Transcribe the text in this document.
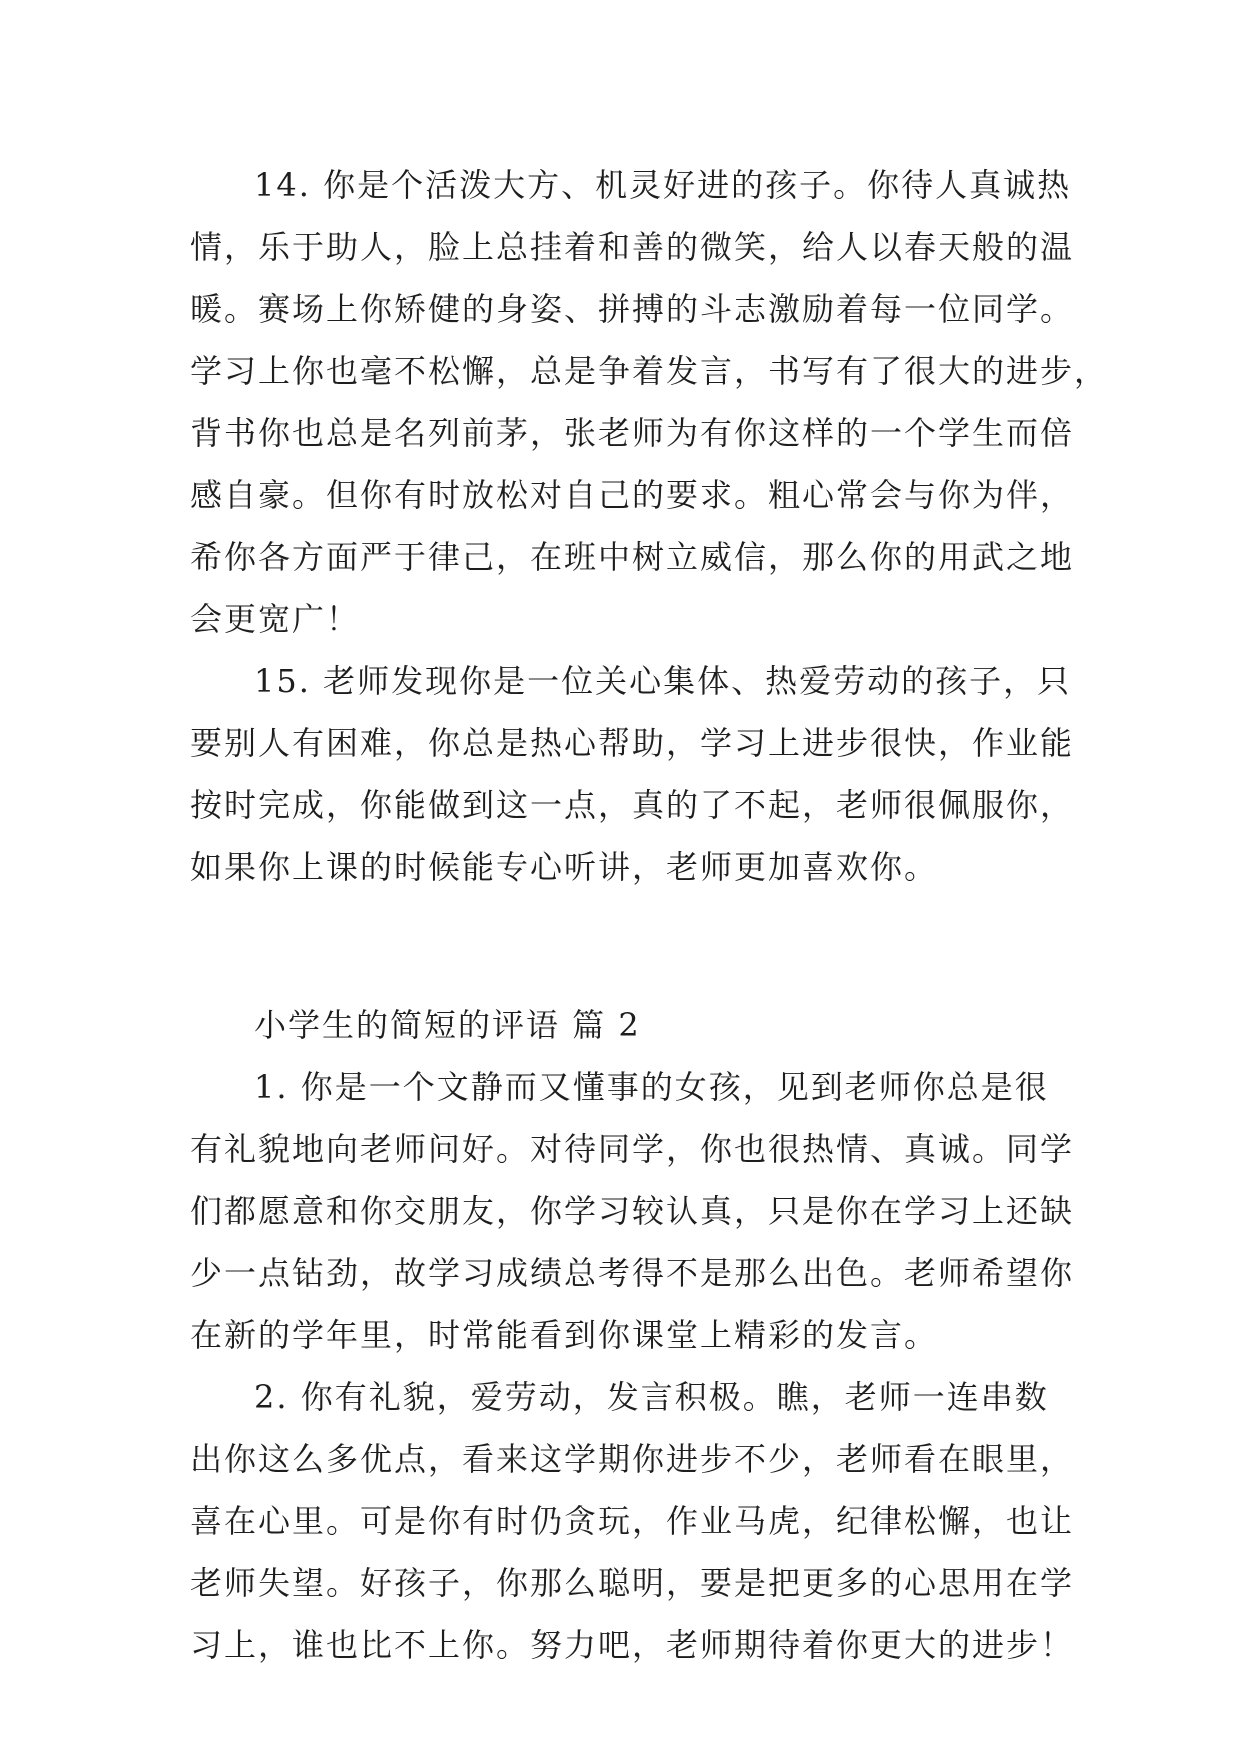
14. 你是个活泼大方、机灵好进的孩子。你待人真诚热
情，乐于助人，脸上总挂着和善的微笑，给人以春天般的温
暖。赛场上你矫健的身姿、拼搏的斗志激励着每一位同学。
学习上你也毫不松懈，总是争着发言，书写有了很大的进步，
背书你也总是名列前茅，张老师为有你这样的一个学生而倍
感自豪。但你有时放松对自己的要求。粗心常会与你为伴，
希你各方面严于律己，在班中树立威信，那么你的用武之地
会更宽广！
15. 老师发现你是一位关心集体、热爱劳动的孩子，只
要别人有困难，你总是热心帮助，学习上进步很快，作业能
按时完成，你能做到这一点，真的了不起，老师很佩服你，
如果你上课的时候能专心听讲，老师更加喜欢你。
小学生的简短的评语 篇 2
1. 你是一个文静而又懂事的女孩，见到老师你总是很
有礼貌地向老师问好。对待同学，你也很热情、真诚。同学
们都愿意和你交朋友，你学习较认真，只是你在学习上还缺
少一点钻劲，故学习成绩总考得不是那么出色。老师希望你
在新的学年里，时常能看到你课堂上精彩的发言。
2. 你有礼貌，爱劳动，发言积极。瞧，老师一连串数
出你这么多优点，看来这学期你进步不少，老师看在眼里，
喜在心里。可是你有时仍贪玩，作业马虎，纪律松懈，也让
老师失望。好孩子，你那么聪明，要是把更多的心思用在学
习上，谁也比不上你。努力吧，老师期待着你更大的进步！
